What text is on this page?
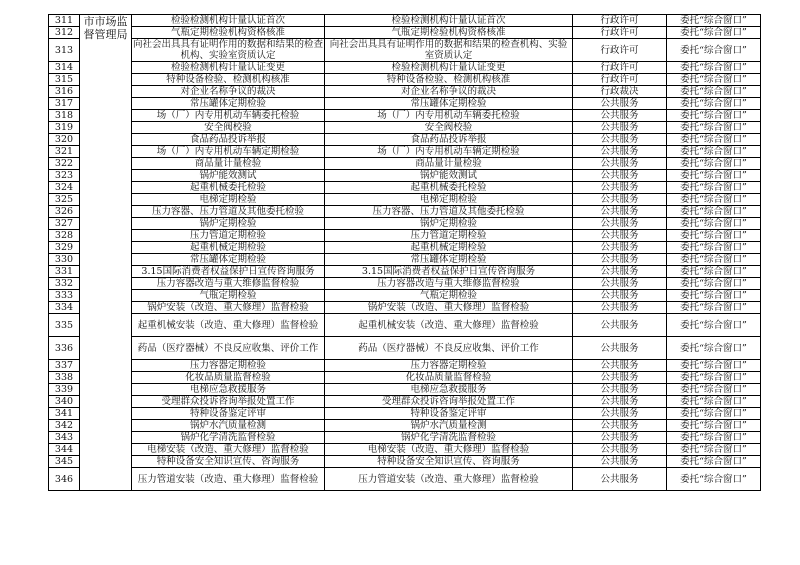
311	市市场监督管理局	检验检测机构计量认证首次	检验检测机构计量认证首次	行政许可	委托“综合窗口”
312		气瓶定期检验机构资格核准	气瓶定期检验机构资格核准	行政许可	委托“综合窗口”
313		向社会出具具有证明作用的数据和结果的检查机构、实验室资质认定	向社会出具具有证明作用的数据和结果的检查机构、实验室资质认定	行政许可	委托“综合窗口”
314		检验检测机构计量认证变更	检验检测机构计量认证变更	行政许可	委托“综合窗口”
315		特种设备检验、检测机构核准	特种设备检验、检测机构核准	行政许可	委托“综合窗口”
316		对企业名称争议的裁决	对企业名称争议的裁决	行政裁决	委托“综合窗口”
317		常压罐体定期检验	常压罐体定期检验	公共服务	委托“综合窗口”
318		场（厂）内专用机动车辆委托检验	场（厂）内专用机动车辆委托检验	公共服务	委托“综合窗口”
319		安全阀校验	安全阀校验	公共服务	委托“综合窗口”
320		食品药品投诉举报	食品药品投诉举报	公共服务	委托“综合窗口”
321		场（厂）内专用机动车辆定期检验	场（厂）内专用机动车辆定期检验	公共服务	委托“综合窗口”
322		商品量计量检验	商品量计量检验	公共服务	委托“综合窗口”
323		锅炉能效测试	锅炉能效测试	公共服务	委托“综合窗口”
324		起重机械委托检验	起重机械委托检验	公共服务	委托“综合窗口”
325		电梯定期检验	电梯定期检验	公共服务	委托“综合窗口”
326		压力容器、压力管道及其他委托检验	压力容器、压力管道及其他委托检验	公共服务	委托“综合窗口”
327		锅炉定期检验	锅炉定期检验	公共服务	委托“综合窗口”
328		压力管道定期检验	压力管道定期检验	公共服务	委托“综合窗口”
329		起重机械定期检验	起重机械定期检验	公共服务	委托“综合窗口”
330		常压罐体定期检验	常压罐体定期检验	公共服务	委托“综合窗口”
331		3.15国际消费者权益保护日宣传咨询服务	3.15国际消费者权益保护日宣传咨询服务	公共服务	委托“综合窗口”
332		压力容器改造与重大维修监督检验	压力容器改造与重大维修监督检验	公共服务	委托“综合窗口”
333		气瓶定期检验	气瓶定期检验	公共服务	委托“综合窗口”
334		锅炉安装（改造、重大修理）监督检验	锅炉安装（改造、重大修理）监督检验	公共服务	委托“综合窗口”
335		起重机械安装（改造、重大修理）监督检验	起重机械安装（改造、重大修理）监督检验	公共服务	委托“综合窗口”
336		药品（医疗器械）不良反应收集、评价工作	药品（医疗器械）不良反应收集、评价工作	公共服务	委托“综合窗口”
337		压力容器定期检验	压力容器定期检验	公共服务	委托“综合窗口”
338		化妆品质量监督检验	化妆品质量监督检验	公共服务	委托“综合窗口”
339		电梯应急救援服务	电梯应急救援服务	公共服务	委托“综合窗口”
340		受理群众投诉咨询举报处置工作	受理群众投诉咨询举报处置工作	公共服务	委托“综合窗口”
341		特种设备鉴定评审	特种设备鉴定评审	公共服务	委托“综合窗口”
342		锅炉水汽质量检测	锅炉水汽质量检测	公共服务	委托“综合窗口”
343		锅炉化学清洗监督检验	锅炉化学清洗监督检验	公共服务	委托“综合窗口”
344		电梯安装（改造、重大修理）监督检验	电梯安装（改造、重大修理）监督检验	公共服务	委托“综合窗口”
345		特种设备安全知识宣传、咨询服务	特种设备安全知识宣传、咨询服务	公共服务	委托“综合窗口”
346		压力管道安装（改造、重大修理）监督检验	压力管道安装（改造、重大修理）监督检验	公共服务	委托“综合窗口”
